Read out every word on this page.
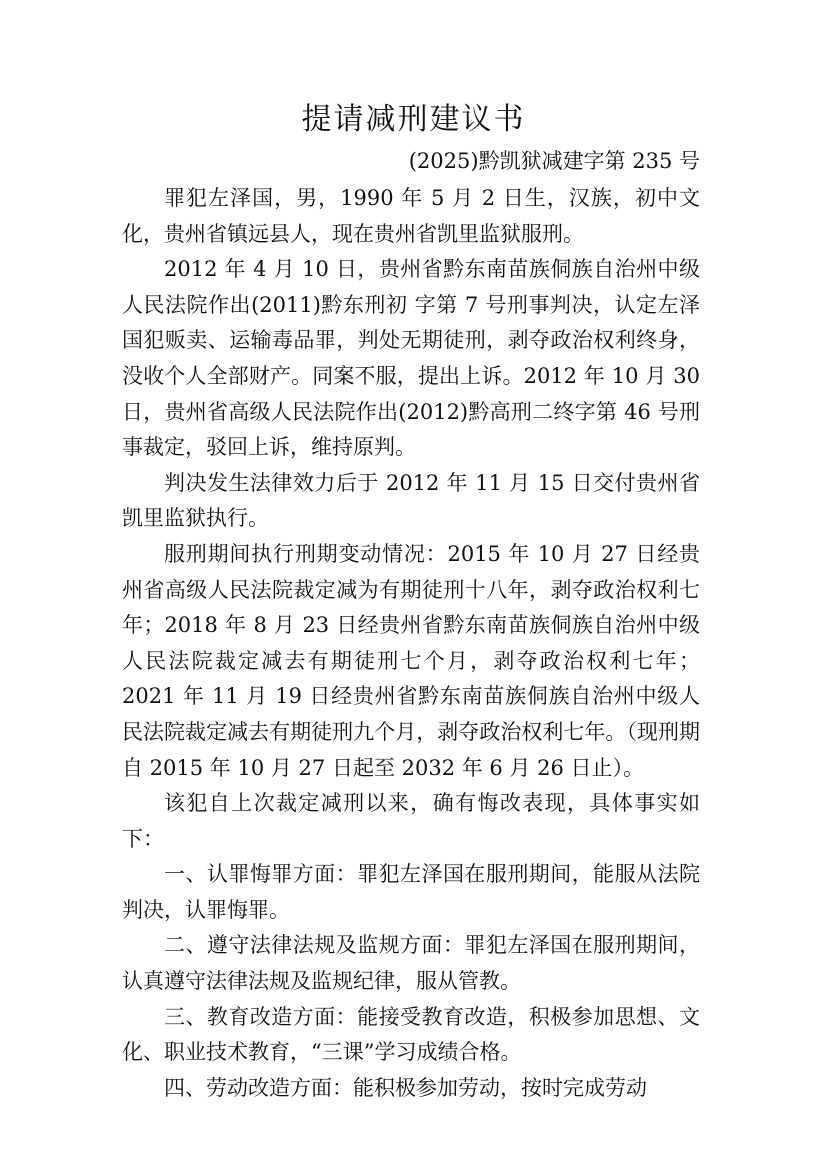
提请减刑建议书

(2025)黔凯狱减建字第 235 号

罪犯左泽国，男，1990 年 5 月 2 日生，汉族，初中文化，贵州省镇远县人，现在贵州省凯里监狱服刑。

2012 年 4 月 10 日，贵州省黔东南苗族侗族自治州中级人民法院作出(2011)黔东刑初 字第 7 号刑事判决，认定左泽国犯贩卖、运输毒品罪，判处无期徒刑，剥夺政治权利终身，没收个人全部财产。同案不服，提出上诉。2012 年 10 月 30 日，贵州省高级人民法院作出(2012)黔高刑二终字第 46 号刑事裁定，驳回上诉，维持原判。

判决发生法律效力后于 2012 年 11 月 15 日交付贵州省凯里监狱执行。

服刑期间执行刑期变动情况：2015 年 10 月 27 日经贵州省高级人民法院裁定减为有期徒刑十八年，剥夺政治权利七年；2018 年 8 月 23 日经贵州省黔东南苗族侗族自治州中级人民法院裁定减去有期徒刑七个月，剥夺政治权利七年；2021 年 11 月 19 日经贵州省黔东南苗族侗族自治州中级人民法院裁定减去有期徒刑九个月，剥夺政治权利七年。（现刑期自 2015 年 10 月 27 日起至 2032 年 6 月 26 日止）。

该犯自上次裁定减刑以来，确有悔改表现，具体事实如下：

一、认罪悔罪方面：罪犯左泽国在服刑期间，能服从法院判决，认罪悔罪。

二、遵守法律法规及监规方面：罪犯左泽国在服刑期间，认真遵守法律法规及监规纪律，服从管教。

三、教育改造方面：能接受教育改造，积极参加思想、文化、职业技术教育，“三课”学习成绩合格。

四、劳动改造方面：能积极参加劳动，按时完成劳动
